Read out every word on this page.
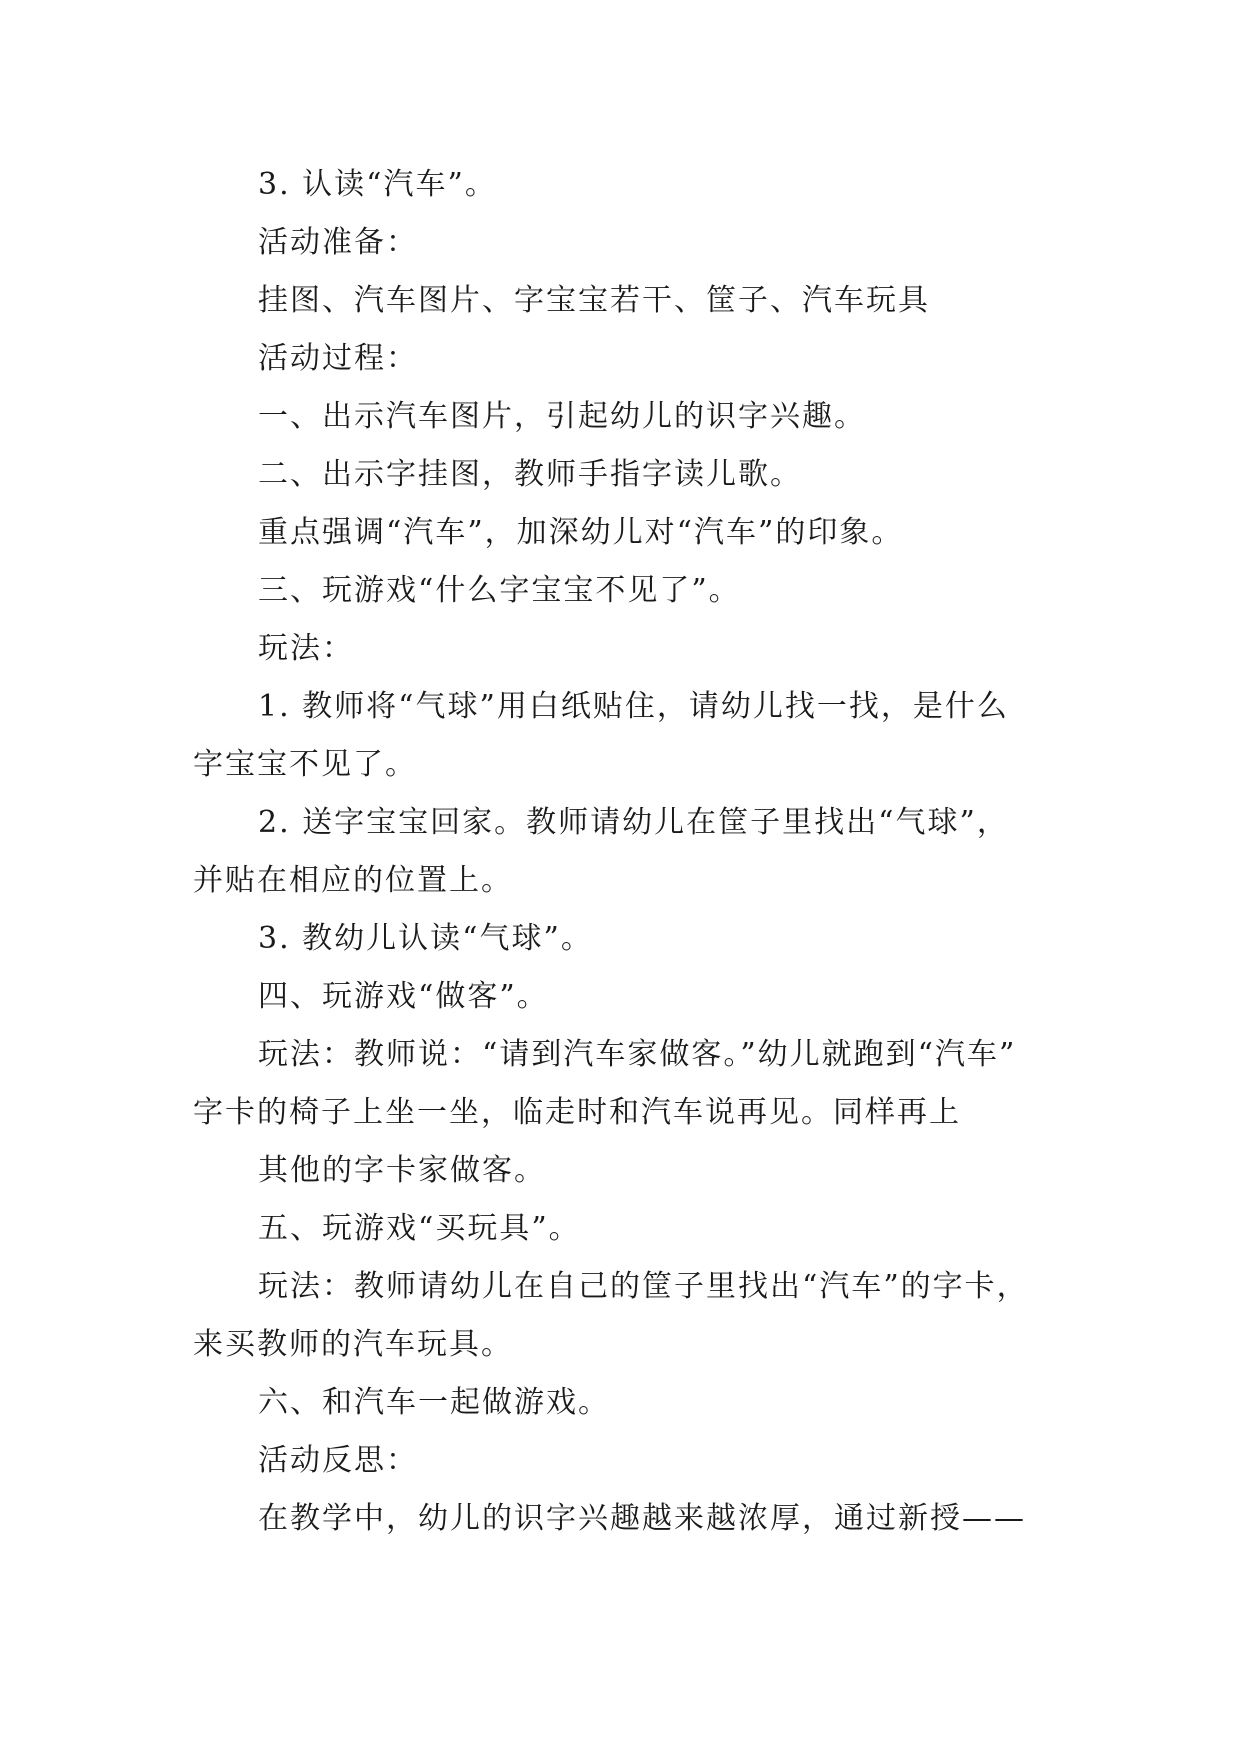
3. 认读“汽车”。
活动准备：
挂图、汽车图片、字宝宝若干、筐子、汽车玩具
活动过程：
一、出示汽车图片，引起幼儿的识字兴趣。
二、出示字挂图，教师手指字读儿歌。
重点强调“汽车”，加深幼儿对“汽车”的印象。
三、玩游戏“什么字宝宝不见了”。
玩法：
1. 教师将“气球”用白纸贴住，请幼儿找一找，是什么
字宝宝不见了。
2. 送字宝宝回家。教师请幼儿在筐子里找出“气球”，
并贴在相应的位置上。
3. 教幼儿认读“气球”。
四、玩游戏“做客”。
玩法：教师说：“请到汽车家做客。”幼儿就跑到“汽车”
字卡的椅子上坐一坐，临走时和汽车说再见。同样再上
其他的字卡家做客。
五、玩游戏“买玩具”。
玩法：教师请幼儿在自己的筐子里找出“汽车”的字卡，
来买教师的汽车玩具。
六、和汽车一起做游戏。
活动反思：
在教学中，幼儿的识字兴趣越来越浓厚，通过新授——
